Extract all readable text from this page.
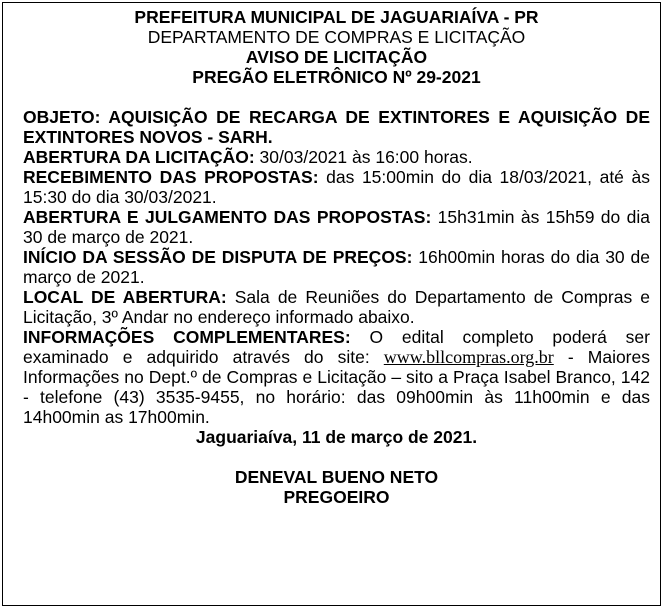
PREFEITURA MUNICIPAL DE JAGUARIAÍVA - PR
DEPARTAMENTO DE COMPRAS E LICITAÇÃO
AVISO DE LICITAÇÃO
PREGÃO ELETRÔNICO Nº 29-2021

OBJETO: AQUISIÇÃO DE RECARGA DE EXTINTORES E AQUISIÇÃO DE EXTINTORES NOVOS - SARH.

ABERTURA DA LICITAÇÃO: 30/03/2021 às 16:00 horas.

RECEBIMENTO DAS PROPOSTAS: das 15:00min do dia 18/03/2021, até às 15:30 do dia 30/03/2021.

ABERTURA E JULGAMENTO DAS PROPOSTAS: 15h31min às 15h59 do dia 30 de março de 2021.

INÍCIO DA SESSÃO DE DISPUTA DE PREÇOS: 16h00min horas do dia 30 de março de 2021.

LOCAL DE ABERTURA: Sala de Reuniões do Departamento de Compras e Licitação, 3º Andar no endereço informado abaixo.

INFORMAÇÕES COMPLEMENTARES: O edital completo poderá ser examinado e adquirido através do site: www.bllcompras.org.br - Maiores Informações no Dept.º de Compras e Licitação – sito a Praça Isabel Branco, 142 - telefone (43) 3535-9455, no horário: das 09h00min às 11h00min e das 14h00min as 17h00min.

Jaguariaíva, 11 de março de 2021.
DENEVAL BUENO NETO
PREGOEIRO
